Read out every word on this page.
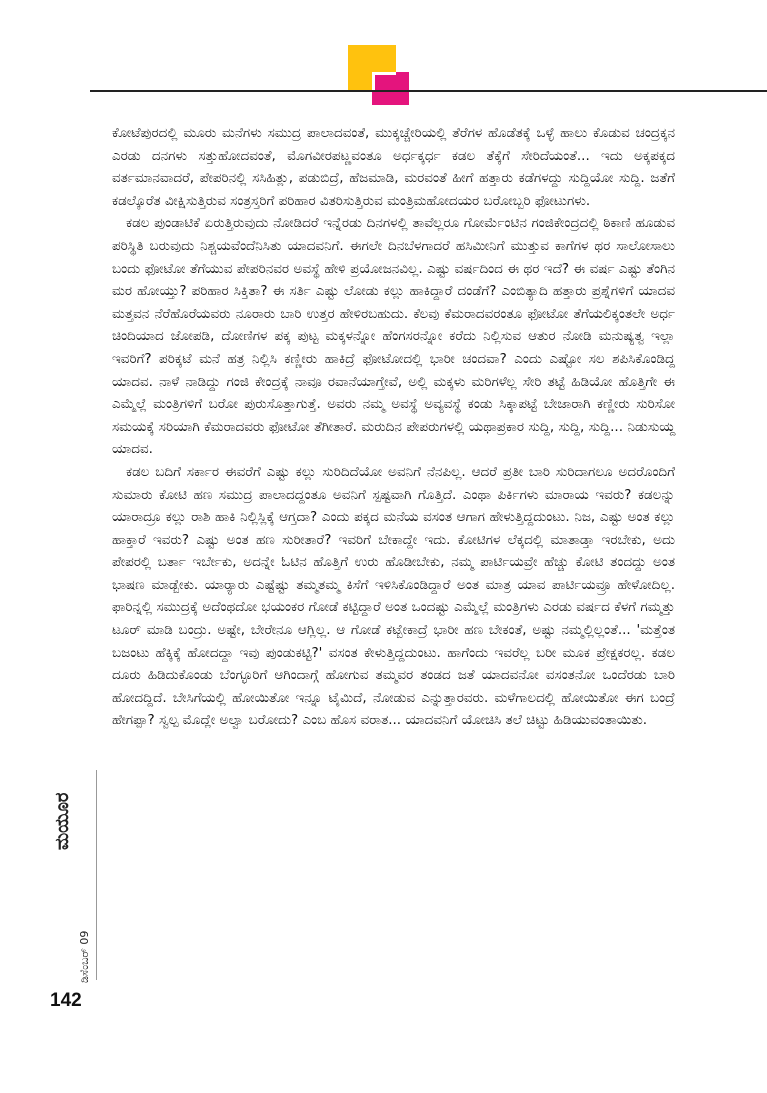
ಕೋಟೆಪುರದಲ್ಲಿ ಮೂರು ಮನೆಗಳು ಸಮುದ್ರ ಪಾಲಾದವಂತೆ, ಮುಕ್ಕಚ್ಚೇರಿಯಲ್ಲಿ ತೆರೆಗಳ ಹೊಡೆತಕ್ಕೆ ಒಳ್ಳೆ ಹಾಲು ಕೊಡುವ ಚಂದ್ರಕ್ಕನ ಎರಡು ದನಗಳು ಸತ್ತುಹೋದವಂತೆ, ಮೊಗವೀರಪಟ್ಣವಂತೂ ಅರ್ಧಕ್ಕರ್ಧ ಕಡಲ ತೆಕ್ಕೆಗೆ ಸೇರಿದೆಯಂತೆ... ಇದು ಅಕ್ಕಪಕ್ಕದ ವರ್ತಮಾನವಾದರೆ, ಪೇಪರಿನಲ್ಲಿ ಸಸಿಹಿತ್ಲು, ಪಡುಬಿದ್ರೆ, ಹೆಜಮಾಡಿ, ಮರವಂತೆ ಹೀಗೆ ಹತ್ತಾರು ಕಡೆಗಳದ್ದು ಸುದ್ದಿಯೋ ಸುದ್ದಿ. ಜತೆಗೆ ಕಡಲ್ಕೊರೆತ ವೀಕ್ಷಿಸುತ್ತಿರುವ ಸಂತ್ರಸ್ತರಿಗೆ ಪರಿಹಾರ ವಿತರಿಸುತ್ತಿರುವ ಮಂತ್ರಿಮಹೋದಯರ ಬರೋಬ್ಬರಿ ಫೋಟುಗಳು.

ಕಡಲ ಪುಂಡಾಟಿಕೆ ಏರುತ್ತಿರುವುದು ನೋಡಿದರೆ ಇನ್ನೆರಡು ದಿನಗಳಲ್ಲಿ ತಾವೆಲ್ಲರೂ ಗೋರ್ಮೆಂಟಿನ ಗಂಜಿಕೇಂದ್ರದಲ್ಲಿ ಠಿಕಾಣಿ ಹೂಡುವ ಪರಿಸ್ಥಿತಿ ಬರುವುದು ನಿಶ್ಚಯವೆಂದೆನಿಸಿತು ಯಾದವನಿಗೆ. ಈಗಲೇ ದಿನಬೆಳಗಾದರೆ ಹಸಿಮೀನಿಗೆ ಮುತ್ತುವ ಕಾಗೆಗಳ ಥರ ಸಾಲೋಸಾಲು ಬಂದು ಫೋಟೋ ತೆಗೆಯುವ ಪೇಪರಿನವರ ಅವಸ್ಥೆ ಹೇಳಿ ಪ್ರಯೋಜನವಿಲ್ಲ. ಎಷ್ಟು ವರ್ಷದಿಂದ ಈ ಥರ ಇದೆ? ಈ ವರ್ಷ ಎಷ್ಟು ತೆಂಗಿನ ಮರ ಹೋಯ್ತು? ಪರಿಹಾರ ಸಿಕ್ತಿತಾ? ಈ ಸರ್ತಿ ಎಷ್ಟು ಲೋಡು ಕಲ್ಲು ಹಾಕಿದ್ದಾರೆ ದಂಡೆಗೆ? ಎಂಬಿತ್ಯಾದಿ ಹತ್ತಾರು ಪ್ರಶ್ನೆಗಳಿಗೆ ಯಾದವ ಮತ್ತವನ ನೆರೆಹೊರೆಯವರು ನೂರಾರು ಬಾರಿ ಉತ್ತರ ಹೇಳಿರಬಹುದು. ಕೆಲವು ಕೆಮರಾದವರಂತೂ ಫೋಟೋ ತೆಗೆಯಲಿಕ್ಕಂತಲೇ ಅರ್ಧ ಚಿಂದಿಯಾದ ಜೋಪಡಿ, ದೋಣಿಗಳ ಪಕ್ಕ ಪುಟ್ಟ ಮಕ್ಕಳನ್ನೋ ಹೆಂಗಸರನ್ನೋ ಕರೆದು ನಿಲ್ಲಿಸುವ ಆತುರ ನೋಡಿ ಮನುಷ್ಯತ್ವ ಇಲ್ಲಾ ಇವರಿಗೆ? ಪರಿಕ್ಕಟೆ ಮನೆ ಹತ್ರ ನಿಲ್ಲಿಸಿ ಕಣ್ಣೀರು ಹಾಕಿದ್ರೆ ಫೋಟೋದಲ್ಲಿ ಭಾರೀ ಚಂದವಾ? ಎಂದು ಎಷ್ಟೋ ಸಲ ಶಪಿಸಿಕೊಂಡಿದ್ದ ಯಾದವ. ನಾಳೆ ನಾಡಿದ್ದು ಗಂಜಿ ಕೇಂದ್ರಕ್ಕೆ ನಾವೂ ರವಾನೆಯಾಗ್ತೇವೆ, ಅಲ್ಲಿ ಮಕ್ಕಳು ಮರಿಗಳೆಲ್ಲ ಸೇರಿ ತಟ್ಟೆ ಹಿಡಿಯೋ ಹೊತ್ತಿಗೇ ಈ ಎಮ್ಮೆಲ್ಲೆ ಮಂತ್ರಿಗಳಿಗೆ ಬರೋ ಪುರುಸೊತ್ತಾಗುತ್ತೆ. ಅವರು ನಮ್ಮ ಅವಸ್ಥೆ ಅವ್ಯವಸ್ಥೆ ಕಂಡು ಸಿಕ್ಕಾಪಟ್ಟೆ ಬೇಜಾರಾಗಿ ಕಣ್ಣೀರು ಸುರಿಸೋ ಸಮಯಕ್ಕೆ ಸರಿಯಾಗಿ ಕೆಮರಾದವರು ಫೋಟೋ ತೆಗೀತಾರೆ. ಮರುದಿನ ಪೇಪರುಗಳಲ್ಲಿ ಯಥಾಪ್ರಕಾರ ಸುದ್ದಿ, ಸುದ್ದಿ, ಸುದ್ದಿ... ನಿಡುಸುಯ್ದ ಯಾದವ.

ಕಡಲ ಬದಿಗೆ ಸರ್ಕಾರ ಈವರೆಗೆ ಎಷ್ಟು ಕಲ್ಲು ಸುರಿದಿದೆಯೋ ಅವನಿಗೆ ನೆನಪಿಲ್ಲ. ಆದರೆ ಪ್ರತೀ ಬಾರಿ ಸುರಿದಾಗಲೂ ಅದರೊಂದಿಗೆ ಸುಮಾರು ಕೋಟಿ ಹಣ ಸಮುದ್ರ ಪಾಲಾದದ್ದಂತೂ ಅವನಿಗೆ ಸ್ಪಷ್ಟವಾಗಿ ಗೊತ್ತಿದೆ. ಎಂಥಾ ಪಿರ್ಕಿಗಳು ಮಾರಾಯ ಇವರು? ಕಡಲನ್ನು ಯಾರಾದ್ರೂ ಕಲ್ಲು ರಾಶಿ ಹಾಕಿ ನಿಲ್ಲಿಸ್ಲಿಕ್ಕೆ ಆಗ್ತದಾ? ಎಂದು ಪಕ್ಕದ ಮನೆಯ ವಸಂತ ಆಗಾಗ ಹೇಳುತ್ತಿದ್ದದುಂಟು. ನಿಜ, ಎಷ್ಟು ಅಂತ ಕಲ್ಲು ಹಾಕ್ತಾರೆ ಇವರು? ಎಷ್ಟು ಅಂತ ಹಣ ಸುರೀತಾರೆ? ಇವರಿಗೆ ಬೇಕಾದ್ದೇ ಇದು. ಕೋಟಿಗಳ ಲೆಕ್ಕದಲ್ಲಿ ಮಾತಾಡ್ತಾ ಇರಬೇಕು, ಅದು ಪೇಪರಲ್ಲಿ ಬರ್ತಾ ಇರ್ಬೇಕು, ಅದನ್ನೇ ಓಟಿನ ಹೊತ್ತಿಗೆ ಉರು ಹೊಡೀಬೇಕು, ನಮ್ಮ ಪಾರ್ಟಿಯವ್ರೇ ಹೆಚ್ಚು ಕೋಟಿ ತಂದದ್ದು ಅಂತ ಭಾಷಣ ಮಾಡ್ಬೇಕು. ಯಾರ್‍ಯಾರು ಎಷ್ಟೆಷ್ಟು ತಮ್ಮತಮ್ಮ ಕಿಸೆಗೆ ಇಳಿಸಿಕೊಂಡಿದ್ದಾರೆ ಅಂತ ಮಾತ್ರ ಯಾವ ಪಾರ್ಟಿಯವ್ರೂ ಹೇಳೋದಿಲ್ಲ. ಫಾರಿನ್ನಲ್ಲಿ ಸಮುದ್ರಕ್ಕೆ ಅದೆಂಥದೋ ಭಯಂಕರ ಗೋಡೆ ಕಟ್ಟಿದ್ದಾರೆ ಅಂತ ಒಂದಷ್ಟು ಎಮ್ಮೆಲ್ಲೆ ಮಂತ್ರಿಗಳು ಎರಡು ವರ್ಷದ ಕೆಳಗೆ ಗಮ್ಮತ್ತು ಟೂರ್ ಮಾಡಿ ಬಂದ್ರು. ಅಷ್ಟೇ, ಬೇರೇನೂ ಆಗ್ಲಿಲ್ಲ. ಆ ಗೋಡೆ ಕಟ್ಬೇಕಾದ್ರೆ ಭಾರೀ ಹಣ ಬೇಕಂತೆ, ಅಷ್ಟು ನಮ್ಮಲ್ಲಿಲ್ಲಂತೆ... 'ಮತ್ತೆಂತ ಬಜಂಟು ಹೆಕ್ಕಿಕ್ಕೆ ಹೋದದ್ದಾ ಇವು ಪುಂಡುಕಟ್ಟಿ?' ವಸಂತ ಕೇಳುತ್ತಿದ್ದದುಂಟು. ಹಾಗೆಂದು ಇವರೆಲ್ಲ ಬರೀ ಮೂಕ ಪ್ರೇಕ್ಷಕರಲ್ಲ. ಕಡಲ ದೂರು ಹಿಡಿದುಕೊಂಡು ಬೆಂಗ್ಳೂರಿಗೆ ಆಗಿಂದಾಗ್ಗೆ ಹೋಗುವ ತಮ್ಮವರ ತಂಡದ ಜತೆ ಯಾದವನೋ ವಸಂತನೋ ಒಂದೆರಡು ಬಾರಿ ಹೋದದ್ದಿದೆ. ಬೇಸಿಗೆಯಲ್ಲಿ ಹೋಯಿತೋ ಇನ್ನೂ ಟೈಮಿದೆ, ನೋಡುವ ಎನ್ನುತ್ತಾರವರು. ಮಳೆಗಾಲದಲ್ಲಿ ಹೋಯಿತೋ ಈಗ ಬಂದ್ರೆ ಹೇಗಪ್ಪಾ? ಸ್ವಲ್ಪ ಮೊದ್ಲೇ ಅಲ್ವಾ ಬರೋದು? ಎಂಬ ಹೊಸ ವರಾತ... ಯಾದವನಿಗೆ ಯೋಚಿಸಿ ತಲೆ ಚಿಟ್ಟು ಹಿಡಿಯುವಂತಾಯಿತು.

ಮಯೂರ
ಡಿಸೆಂಬರ್ 09
142
